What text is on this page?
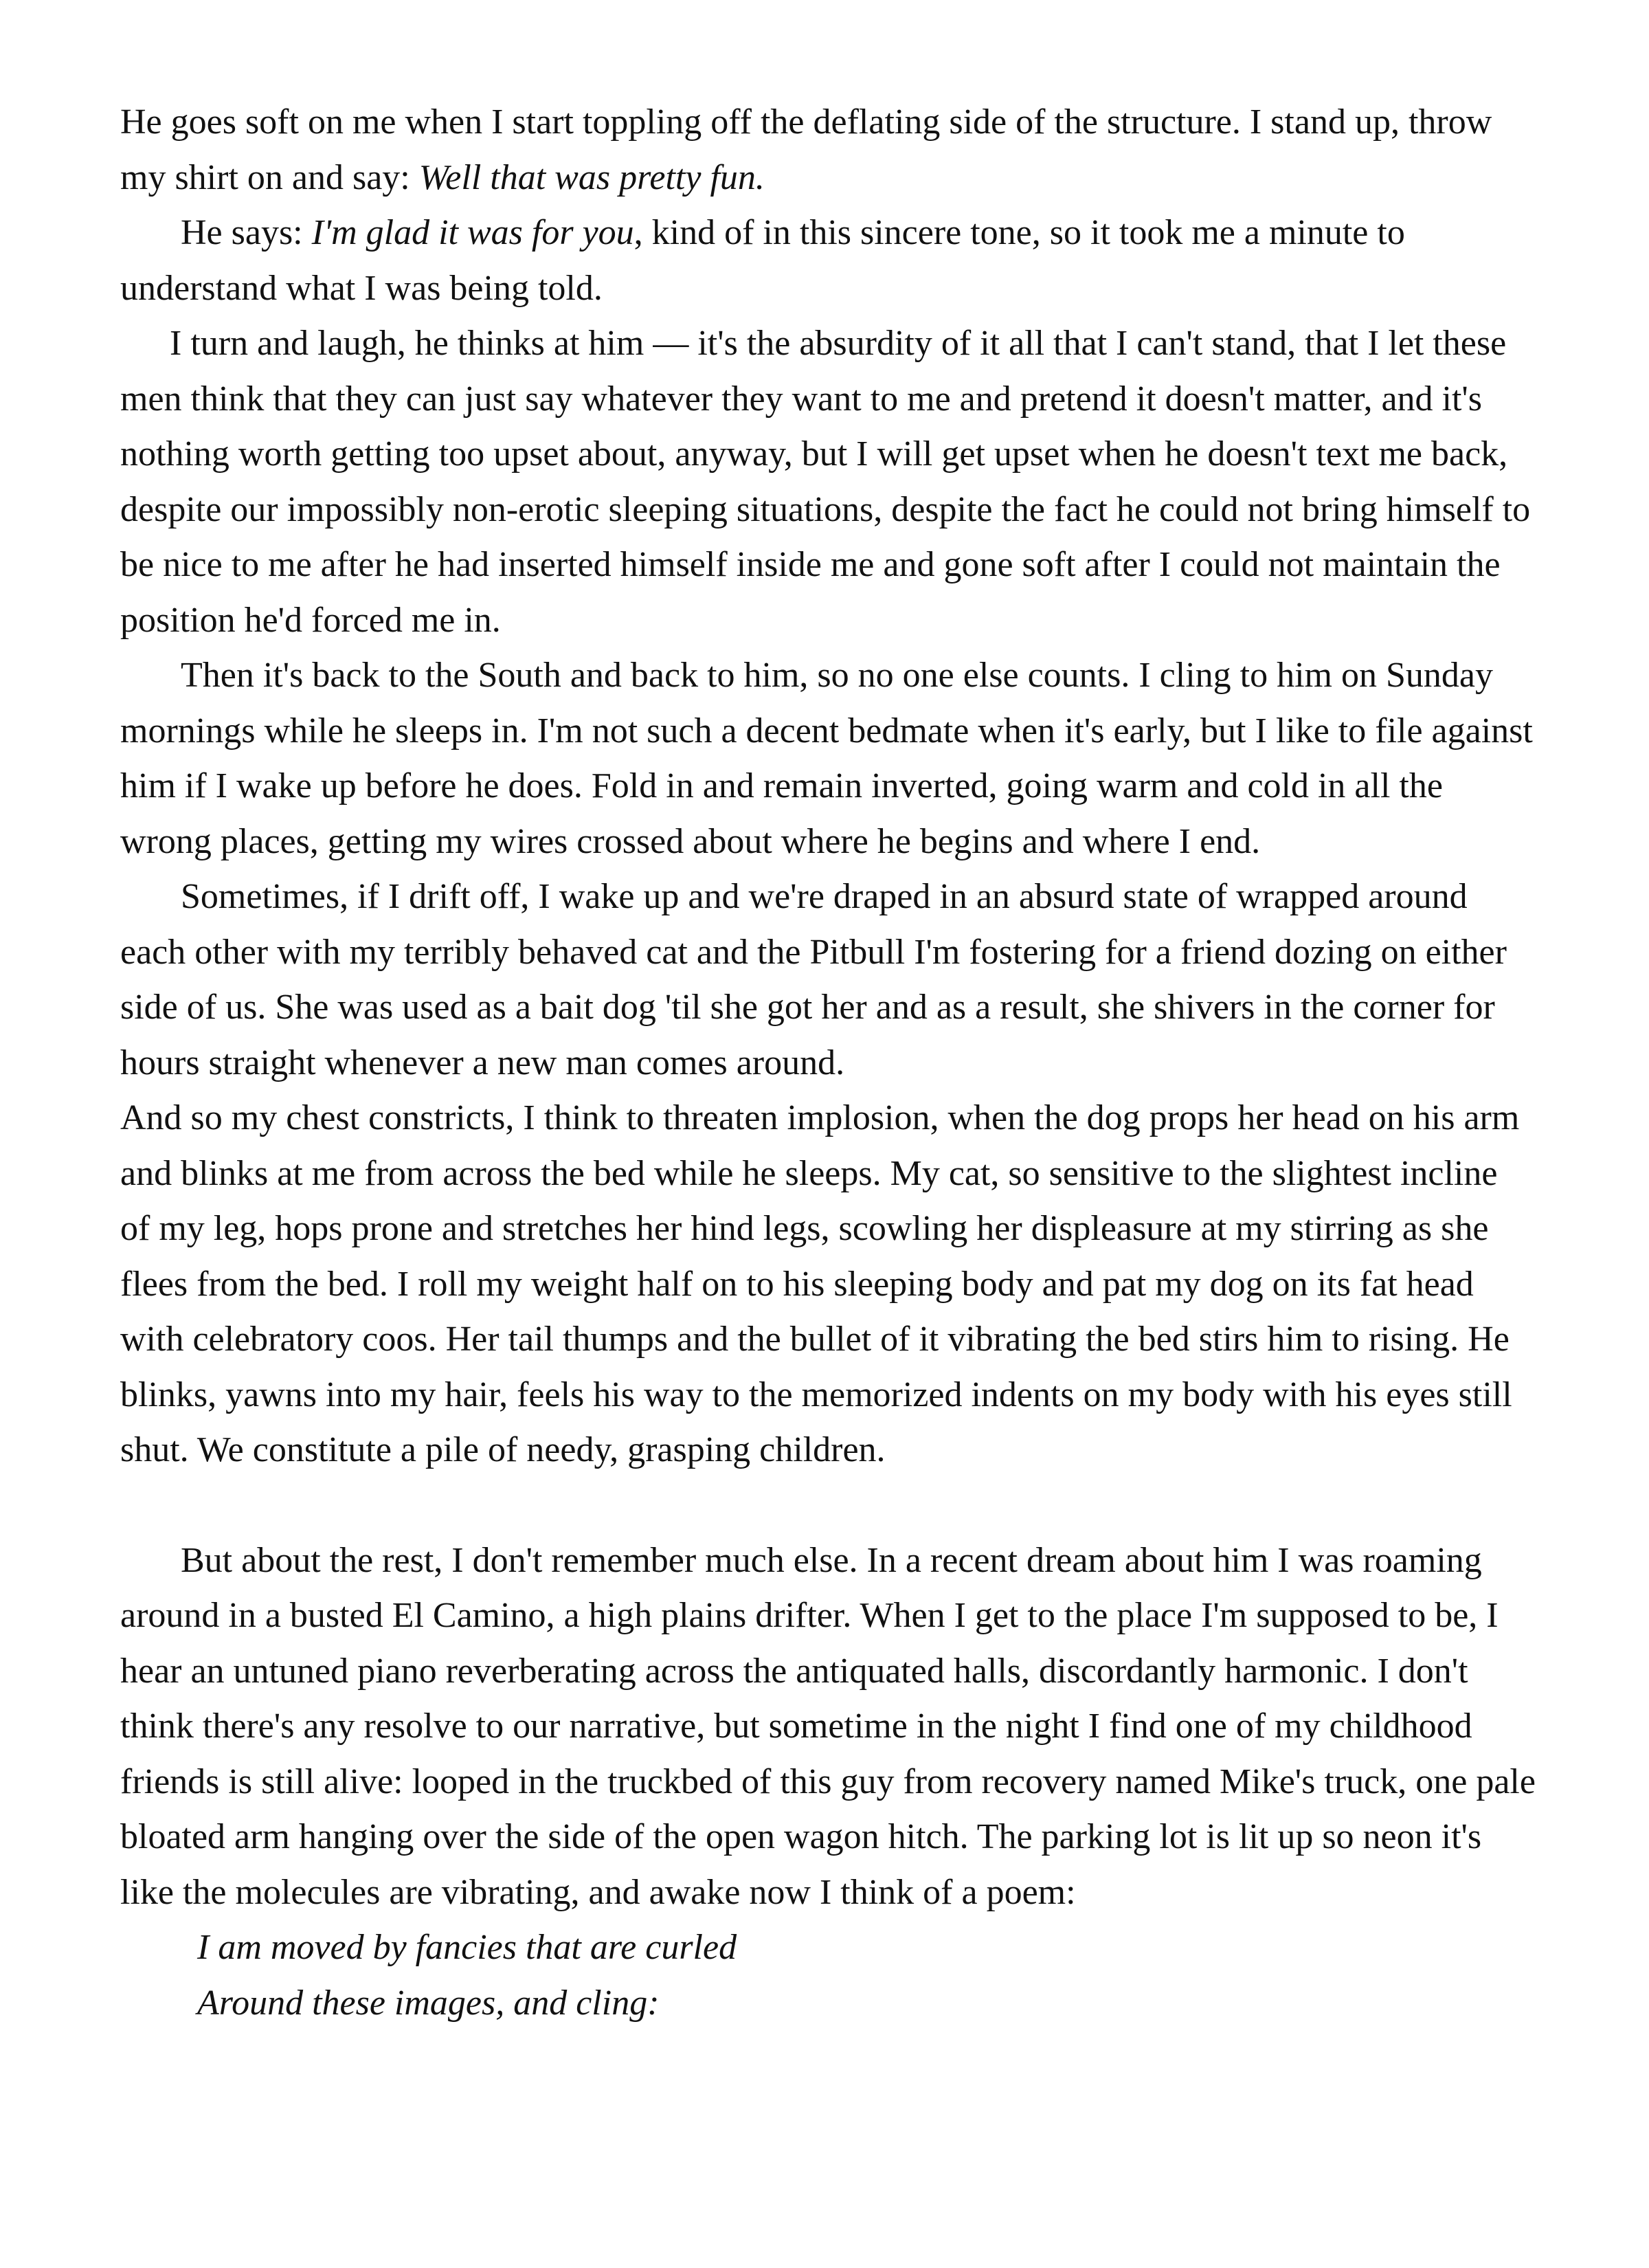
He goes soft on me when I start toppling off the deflating side of the structure. I stand up, throw my shirt on and say: Well that was pretty fun.

He says: I'm glad it was for you, kind of in this sincere tone, so it took me a minute to understand what I was being told.

I turn and laugh, he thinks at him — it's the absurdity of it all that I can't stand, that I let these men think that they can just say whatever they want to me and pretend it doesn't matter, and it's nothing worth getting too upset about, anyway, but I will get upset when he doesn't text me back, despite our impossibly non-erotic sleeping situations, despite the fact he could not bring himself to be nice to me after he had inserted himself inside me and gone soft after I could not maintain the position he'd forced me in.

Then it's back to the South and back to him, so no one else counts. I cling to him on Sunday mornings while he sleeps in. I'm not such a decent bedmate when it's early, but I like to file against him if I wake up before he does. Fold in and remain inverted, going warm and cold in all the wrong places, getting my wires crossed about where he begins and where I end.

Sometimes, if I drift off, I wake up and we're draped in an absurd state of wrapped around each other with my terribly behaved cat and the Pitbull I'm fostering for a friend dozing on either side of us. She was used as a bait dog 'til she got her and as a result, she shivers in the corner for hours straight whenever a new man comes around.

And so my chest constricts, I think to threaten implosion, when the dog props her head on his arm and blinks at me from across the bed while he sleeps. My cat, so sensitive to the slightest incline of my leg, hops prone and stretches her hind legs, scowling her displeasure at my stirring as she flees from the bed. I roll my weight half on to his sleeping body and pat my dog on its fat head with celebratory coos. Her tail thumps and the bullet of it vibrating the bed stirs him to rising. He blinks, yawns into my hair, feels his way to the memorized indents on my body with his eyes still shut. We constitute a pile of needy, grasping children.

But about the rest, I don't remember much else. In a recent dream about him I was roaming around in a busted El Camino, a high plains drifter. When I get to the place I'm supposed to be, I hear an untuned piano reverberating across the antiquated halls, discordantly harmonic. I don't think there's any resolve to our narrative, but sometime in the night I find one of my childhood friends is still alive: looped in the truckbed of this guy from recovery named Mike's truck, one pale bloated arm hanging over the side of the open wagon hitch. The parking lot is lit up so neon it's like the molecules are vibrating, and awake now I think of a poem:

I am moved by fancies that are curled
Around these images, and cling:
